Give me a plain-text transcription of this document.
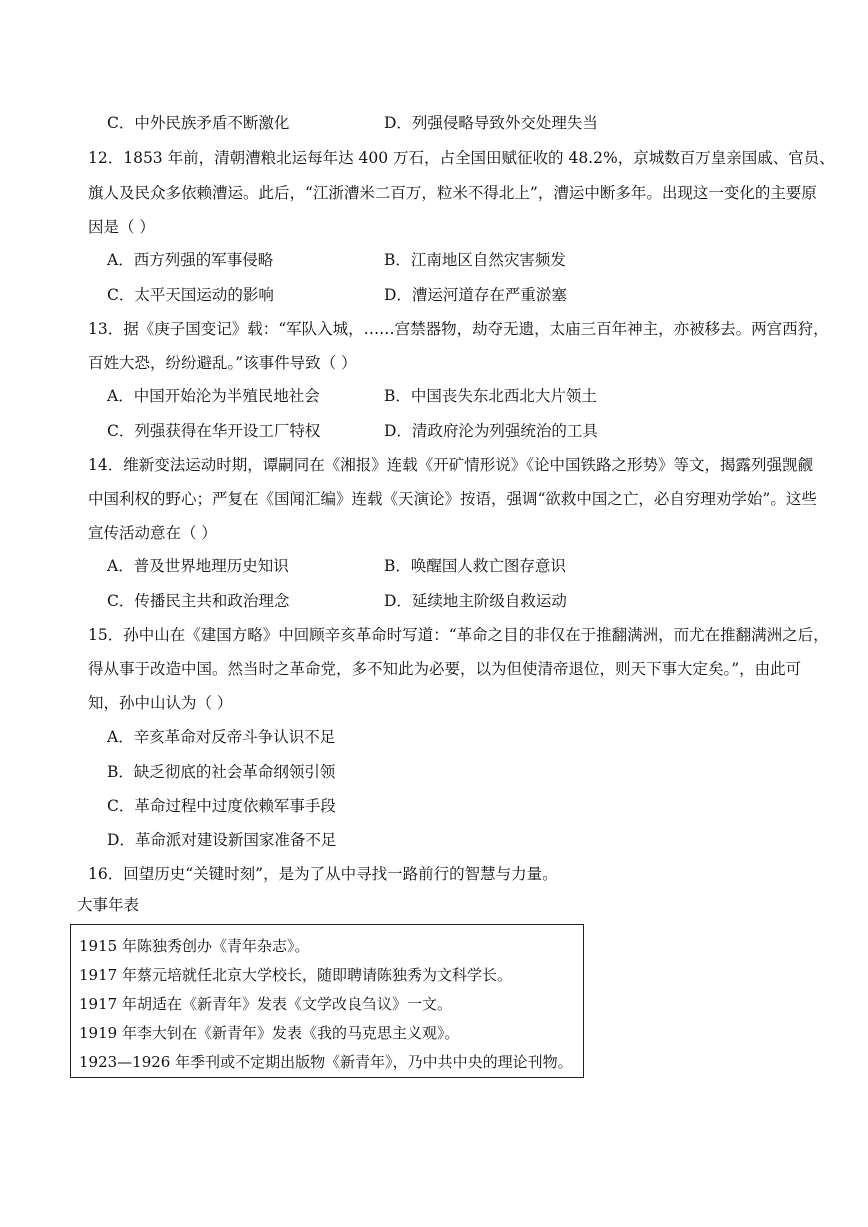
C．中外民族矛盾不断激化	D．列强侵略导致外交处理失当
12．1853 年前，清朝漕粮北运每年达 400 万石，占全国田赋征收的 48.2%，京城数百万皇亲国戚、官员、
旗人及民众多依赖漕运。此后，“江浙漕米二百万，粒米不得北上”，漕运中断多年。出现这一变化的主要原
因是（ ）
A．西方列强的军事侵略	B．江南地区自然灾害频发
C．太平天国运动的影响	D．漕运河道存在严重淤塞
13．据《庚子国变记》载：“军队入城，……宫禁器物，劫夺无遗，太庙三百年神主，亦被移去。两宫西狩，
百姓大恐，纷纷避乱。”该事件导致（ ）
A．中国开始沦为半殖民地社会	B．中国丧失东北西北大片领土
C．列强获得在华开设工厂特权	D．清政府沦为列强统治的工具
14．维新变法运动时期，谭嗣同在《湘报》连载《开矿情形说》《论中国铁路之形势》等文，揭露列强觊觎
中国利权的野心；严复在《国闻汇编》连载《天演论》按语，强调“欲救中国之亡，必自穷理劝学始”。这些
宣传活动意在（ ）
A．普及世界地理历史知识	B．唤醒国人救亡图存意识
C．传播民主共和政治理念	D．延续地主阶级自救运动
15．孙中山在《建国方略》中回顾辛亥革命时写道：“革命之目的非仅在于推翻满洲，而尤在推翻满洲之后，
得从事于改造中国。然当时之革命党，多不知此为必要，以为但使清帝退位，则天下事大定矣。”，由此可
知，孙中山认为（ ）
A．辛亥革命对反帝斗争认识不足
B．缺乏彻底的社会革命纲领引领
C．革命过程中过度依赖军事手段
D．革命派对建设新国家准备不足
16．回望历史“关键时刻”，是为了从中寻找一路前行的智慧与力量。
大事年表
1915 年陈独秀创办《青年杂志》。
1917 年蔡元培就任北京大学校长，随即聘请陈独秀为文科学长。
1917 年胡适在《新青年》发表《文学改良刍议》一文。
1919 年李大钊在《新青年》发表《我的马克思主义观》。
1923—1926 年季刊或不定期出版物《新青年》，乃中共中央的理论刊物。
